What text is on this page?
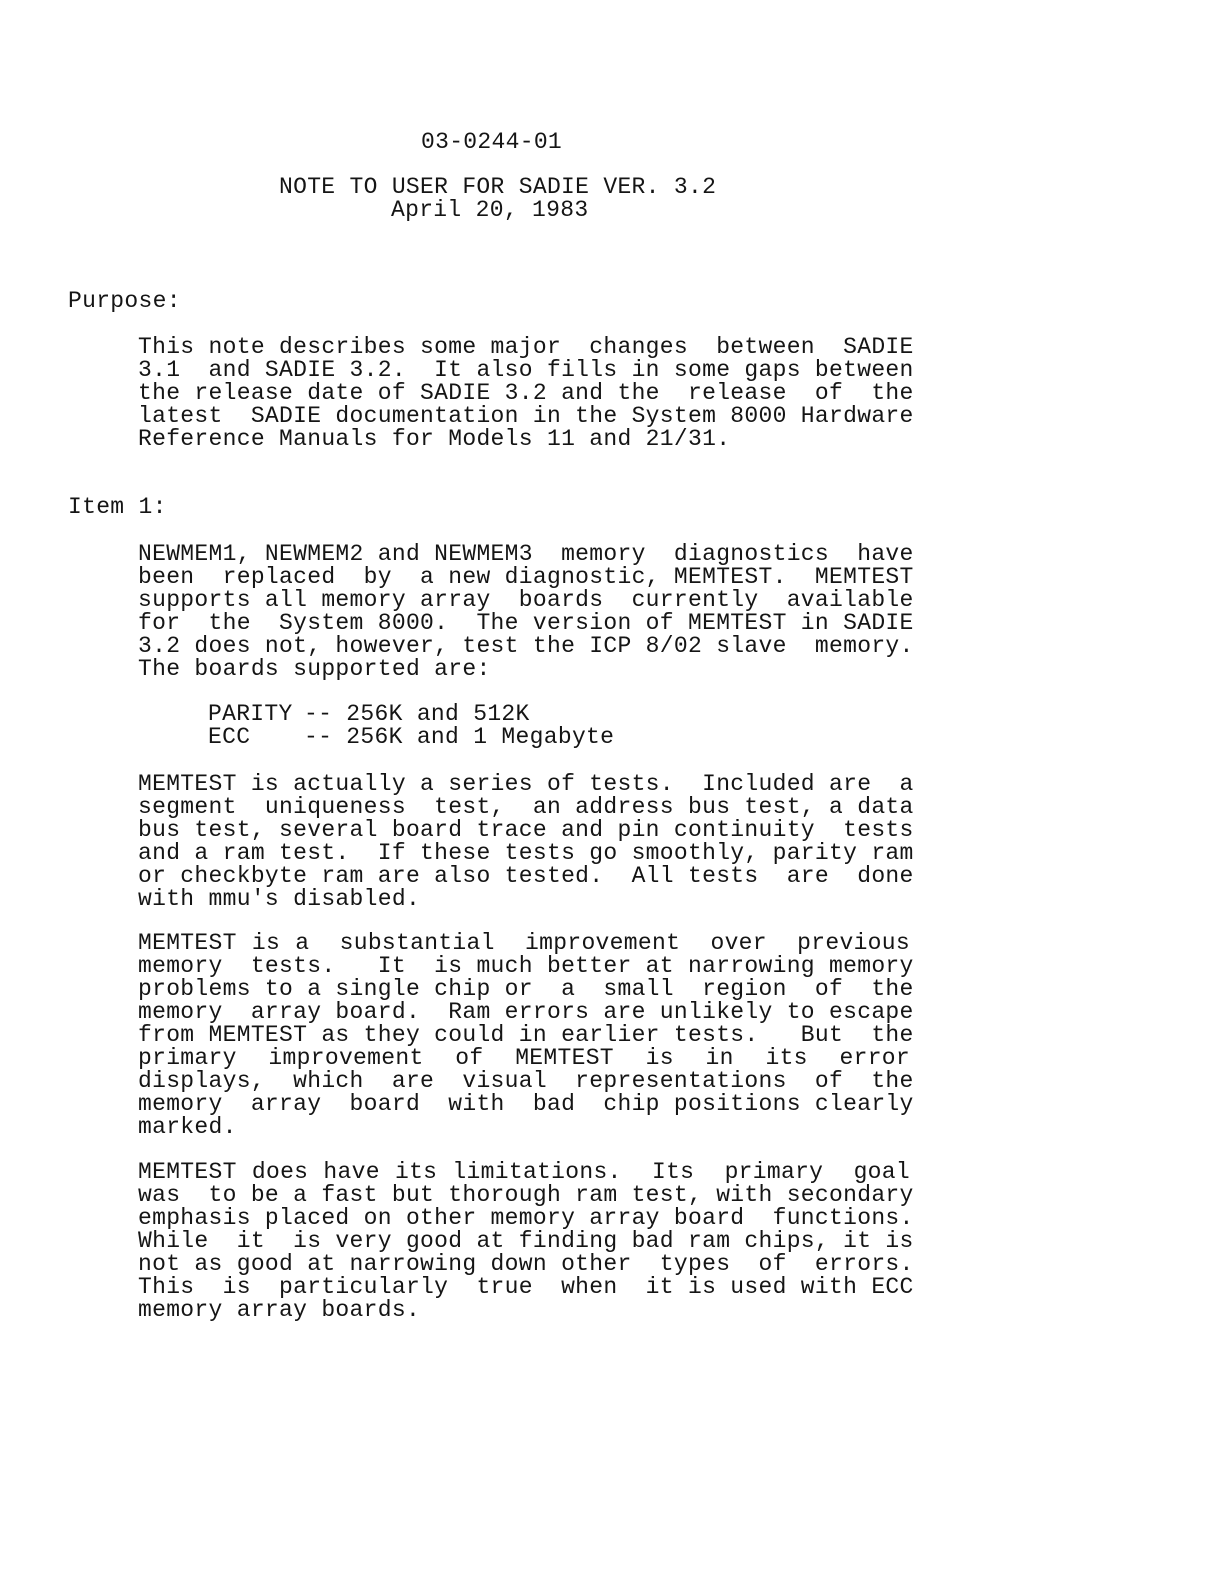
03-0244-01
NOTE TO USER FOR SADIE VER. 3.2
April 20, 1983
Purpose:
This note describes some major  changes  between  SADIE
3.1  and SADIE 3.2.  It also fills in some gaps between
the release date of SADIE 3.2 and the  release  of  the
latest  SADIE documentation in the System 8000 Hardware
Reference Manuals for Models 11 and 21/31.
Item 1:
NEWMEM1, NEWMEM2 and NEWMEM3  memory  diagnostics  have
been  replaced  by  a new diagnostic, MEMTEST.  MEMTEST
supports all memory array  boards  currently  available
for  the  System 8000.  The version of MEMTEST in SADIE
3.2 does not, however, test the ICP 8/02 slave  memory.
The boards supported are:
PARITY -- 256K and 512K
ECC -- 256K and 1 Megabyte
MEMTEST is actually a series of tests.  Included are  a
segment  uniqueness  test,  an address bus test, a data
bus test, several board trace and pin continuity  tests
and a ram test.  If these tests go smoothly, parity ram
or checkbyte ram are also tested.  All tests  are  done
with mmu's disabled.
MEMTEST is a  substantial  improvement  over  previous
memory  tests.   It  is much better at narrowing memory
problems to a single chip or  a  small  region  of  the
memory  array board.  Ram errors are unlikely to escape
from MEMTEST as they could in earlier tests.   But  the
primary  improvement  of  MEMTEST  is  in  its  error
displays,  which  are  visual  representations  of  the
memory  array  board  with  bad  chip positions clearly
marked.
MEMTEST does have its limitations.  Its  primary  goal
was  to be a fast but thorough ram test, with secondary
emphasis placed on other memory array board  functions.
While  it  is very good at finding bad ram chips, it is
not as good at narrowing down other  types  of  errors.
This  is  particularly  true  when  it is used with ECC
memory array boards.
